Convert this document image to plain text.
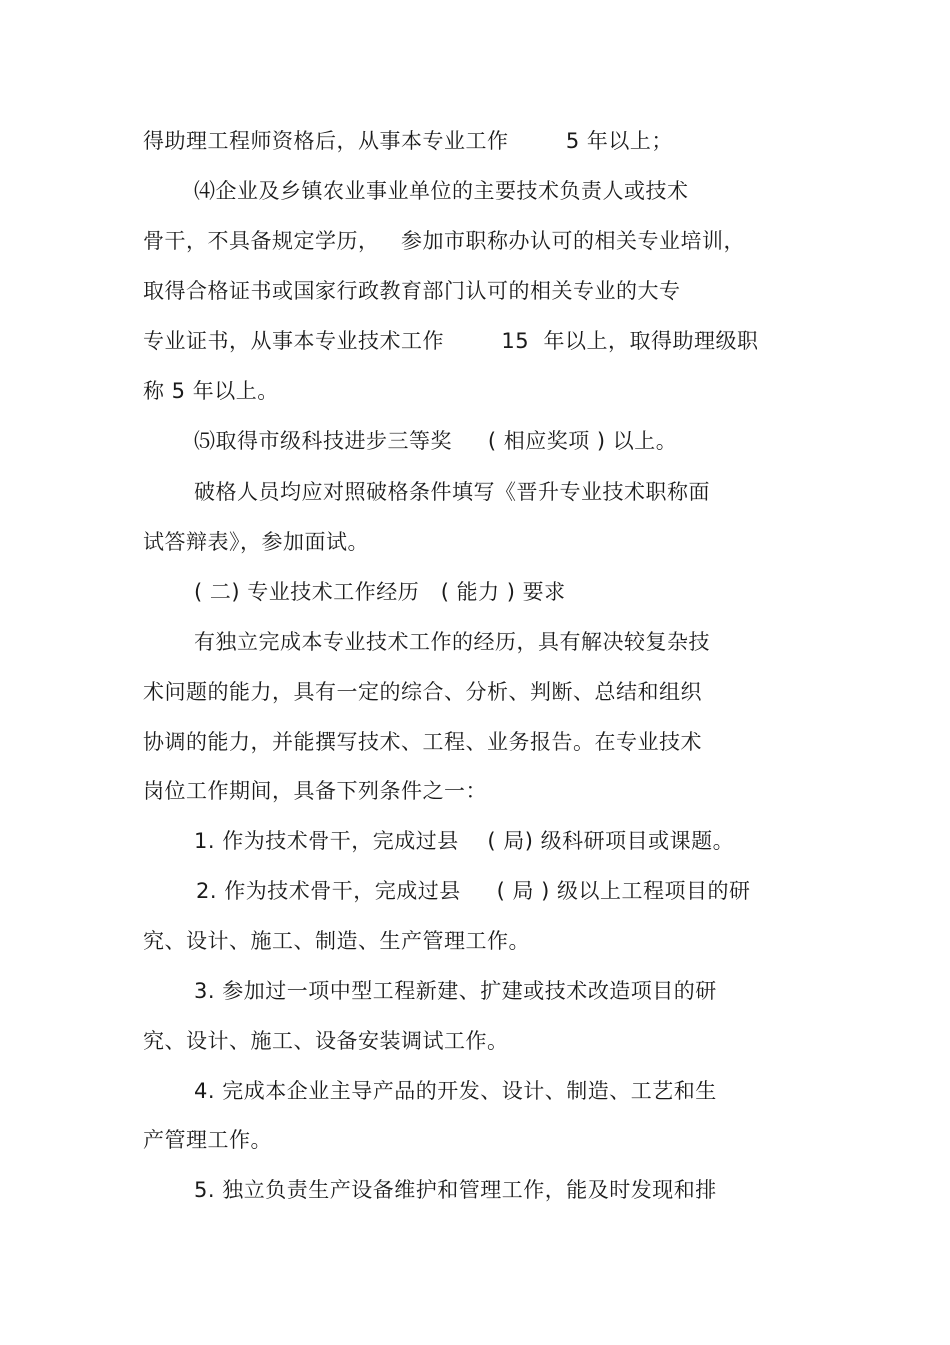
得助理工程师资格后，从事本专业工作        5 年以上；
⑷企业及乡镇农业事业单位的主要技术负责人或技术
骨干，不具备规定学历，   参加市职称办认可的相关专业培训，
取得合格证书或国家行政教育部门认可的相关专业的大专
专业证书，从事本专业技术工作        15  年以上，取得助理级职
称 5 年以上。
⑸取得市级科技进步三等奖     ( 相应奖项 ) 以上。
破格人员均应对照破格条件填写《晋升专业技术职称面
试答辩表》，参加面试。
( 二) 专业技术工作经历   ( 能力 ) 要求
有独立完成本专业技术工作的经历，具有解决较复杂技
术问题的能力，具有一定的综合、分析、判断、总结和组织
协调的能力，并能撰写技术、工程、业务报告。在专业技术
岗位工作期间，具备下列条件之一：
1. 作为技术骨干，完成过县    ( 局) 级科研项目或课题。
2. 作为技术骨干，完成过县     ( 局 ) 级以上工程项目的研
究、设计、施工、制造、生产管理工作。
3. 参加过一项中型工程新建、扩建或技术改造项目的研
究、设计、施工、设备安装调试工作。
4. 完成本企业主导产品的开发、设计、制造、工艺和生
产管理工作。
5. 独立负责生产设备维护和管理工作，能及时发现和排
